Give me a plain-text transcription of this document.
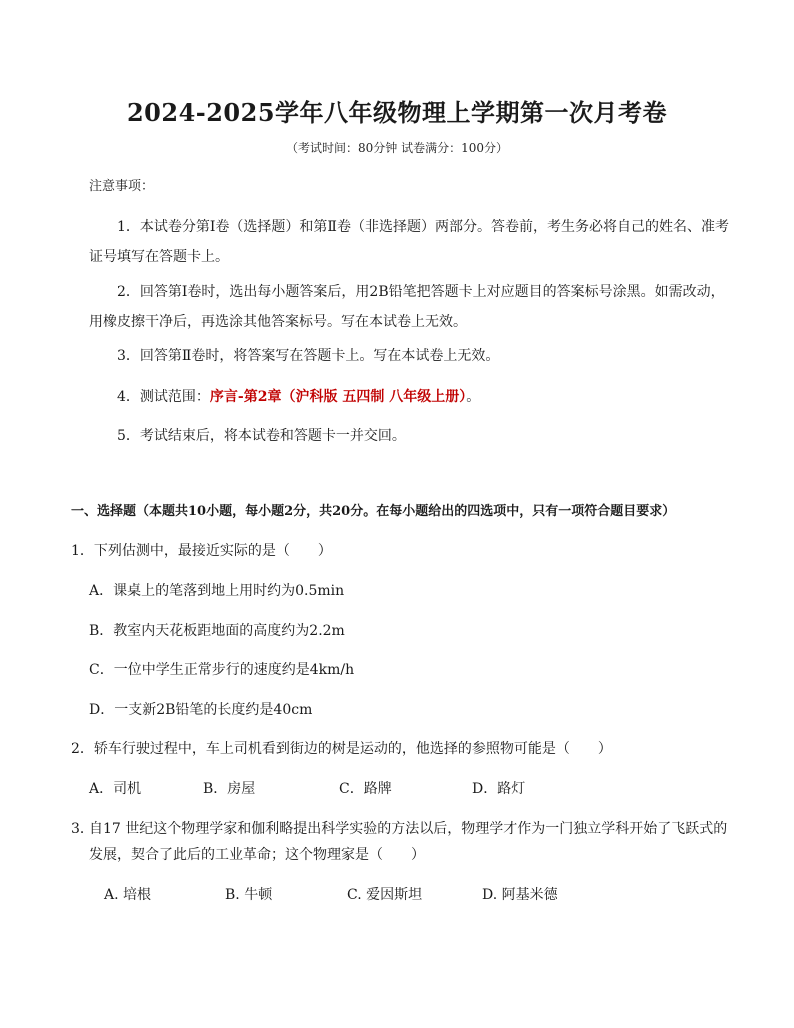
2024-2025学年八年级物理上学期第一次月考卷
（考试时间：80分钟 试卷满分：100分）
注意事项：
1．本试卷分第Ⅰ卷（选择题）和第Ⅱ卷（非选择题）两部分。答卷前，考生务必将自己的姓名、准考证号填写在答题卡上。
2．回答第Ⅰ卷时，选出每小题答案后，用2B铅笔把答题卡上对应题目的答案标号涂黑。如需改动，用橡皮擦干净后，再选涂其他答案标号。写在本试卷上无效。
3．回答第Ⅱ卷时，将答案写在答题卡上。写在本试卷上无效。
4．测试范围：序言-第2章（沪科版 五四制 八年级上册）。
5．考试结束后，将本试卷和答题卡一并交回。
一、选择题（本题共10小题，每小题2分，共20分。在每小题给出的四选项中，只有一项符合题目要求）
1．下列估测中，最接近实际的是（　　）
A．课桌上的笔落到地上用时约为0.5min
B．教室内天花板距地面的高度约为2.2m
C．一位中学生正常步行的速度约是4km/h
D．一支新2B铅笔的长度约是40cm
2．轿车行驶过程中，车上司机看到街边的树是运动的，他选择的参照物可能是（　　）
A．司机	B．房屋	C．路牌	D．路灯
3．
自17 世纪这个物理学家和伽利略提出科学实验的方法以后，物理学才作为一门独立学科开始了飞跃式的发展，契合了此后的工业革命；这个物理家是（　　）
A. 培根	B. 牛顿	C. 爱因斯坦	D. 阿基米德
